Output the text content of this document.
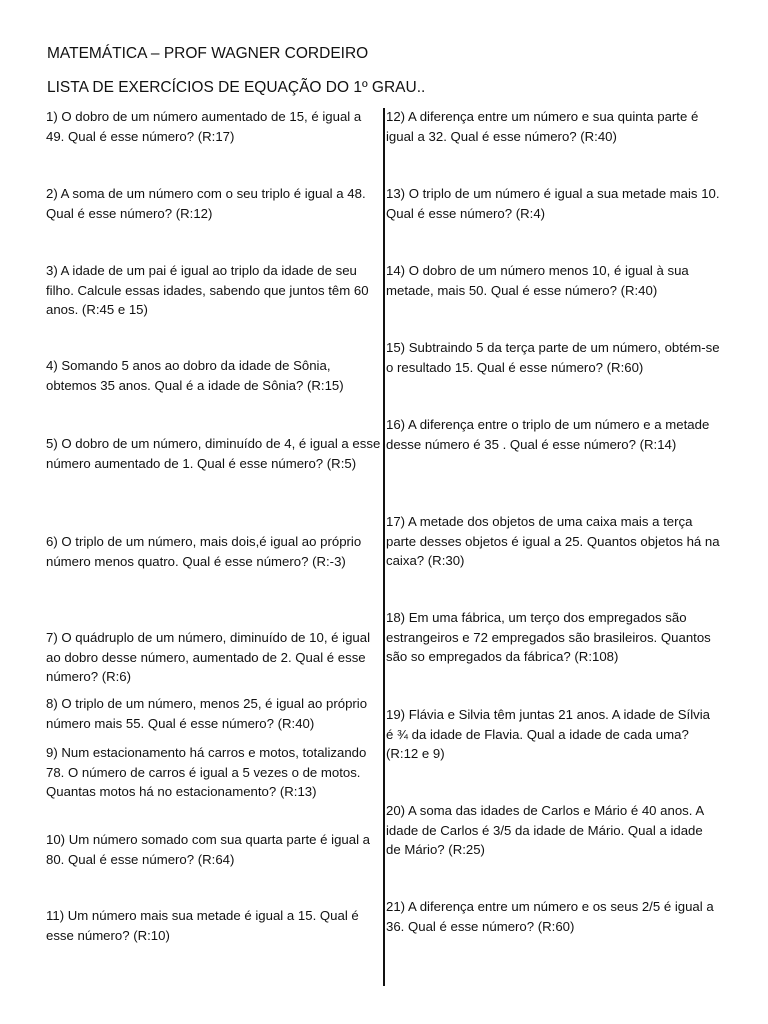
MATEMÁTICA – PROF WAGNER CORDEIRO
LISTA DE EXERCÍCIOS DE EQUAÇÃO DO 1º GRAU..
1) O dobro de um número aumentado de 15, é igual a 49. Qual é esse número? (R:17)
2) A soma de um número com o seu triplo é igual a 48. Qual é esse número? (R:12)
3) A idade de um pai é igual ao triplo da idade de seu filho. Calcule essas idades, sabendo que juntos têm 60 anos. (R:45 e 15)
4) Somando 5 anos ao dobro da idade de Sônia, obtemos 35 anos. Qual é a idade de Sônia? (R:15)
5) O dobro de um número, diminuído de 4, é igual a esse número aumentado de 1. Qual é esse número? (R:5)
6) O triplo de um número, mais dois,é igual ao próprio número menos quatro. Qual é esse número? (R:-3)
7) O quádruplo de um número, diminuído de 10, é igual ao dobro desse número, aumentado de 2. Qual é esse número? (R:6)
8) O triplo de um número, menos 25, é igual ao próprio número mais 55. Qual é esse número? (R:40)
9) Num estacionamento há carros e motos, totalizando 78. O número de carros é igual a 5 vezes o de motos. Quantas motos há no estacionamento? (R:13)
10) Um número somado com sua quarta parte é igual a 80. Qual é esse número? (R:64)
11) Um número mais sua metade é igual a 15. Qual é esse número? (R:10)
12) A diferença entre um número e sua quinta parte é igual a 32. Qual é esse número? (R:40)
13) O triplo de um número é igual a sua metade mais 10. Qual é esse número? (R:4)
14) O dobro de um número menos 10, é igual à sua metade, mais 50. Qual é esse número? (R:40)
15) Subtraindo 5 da terça parte de um número, obtém-se o resultado 15. Qual é esse número? (R:60)
16) A diferença entre o triplo de um número e a metade desse número é 35 . Qual é esse número? (R:14)
17) A metade dos objetos de uma caixa mais a terça parte desses objetos é igual a 25. Quantos objetos há na caixa? (R:30)
18) Em uma fábrica, um terço dos empregados são estrangeiros e 72 empregados são brasileiros. Quantos são so empregados da fábrica? (R:108)
19) Flávia e Silvia têm juntas 21 anos. A idade de Sílvia é ¾ da idade de Flavia. Qual a idade de cada uma? (R:12 e 9)
20) A soma das idades de Carlos e Mário é 40 anos. A idade de Carlos é 3/5 da idade de Mário. Qual a idade de Mário? (R:25)
21) A diferença entre um número e os seus 2/5 é igual a 36. Qual é esse número? (R:60)
